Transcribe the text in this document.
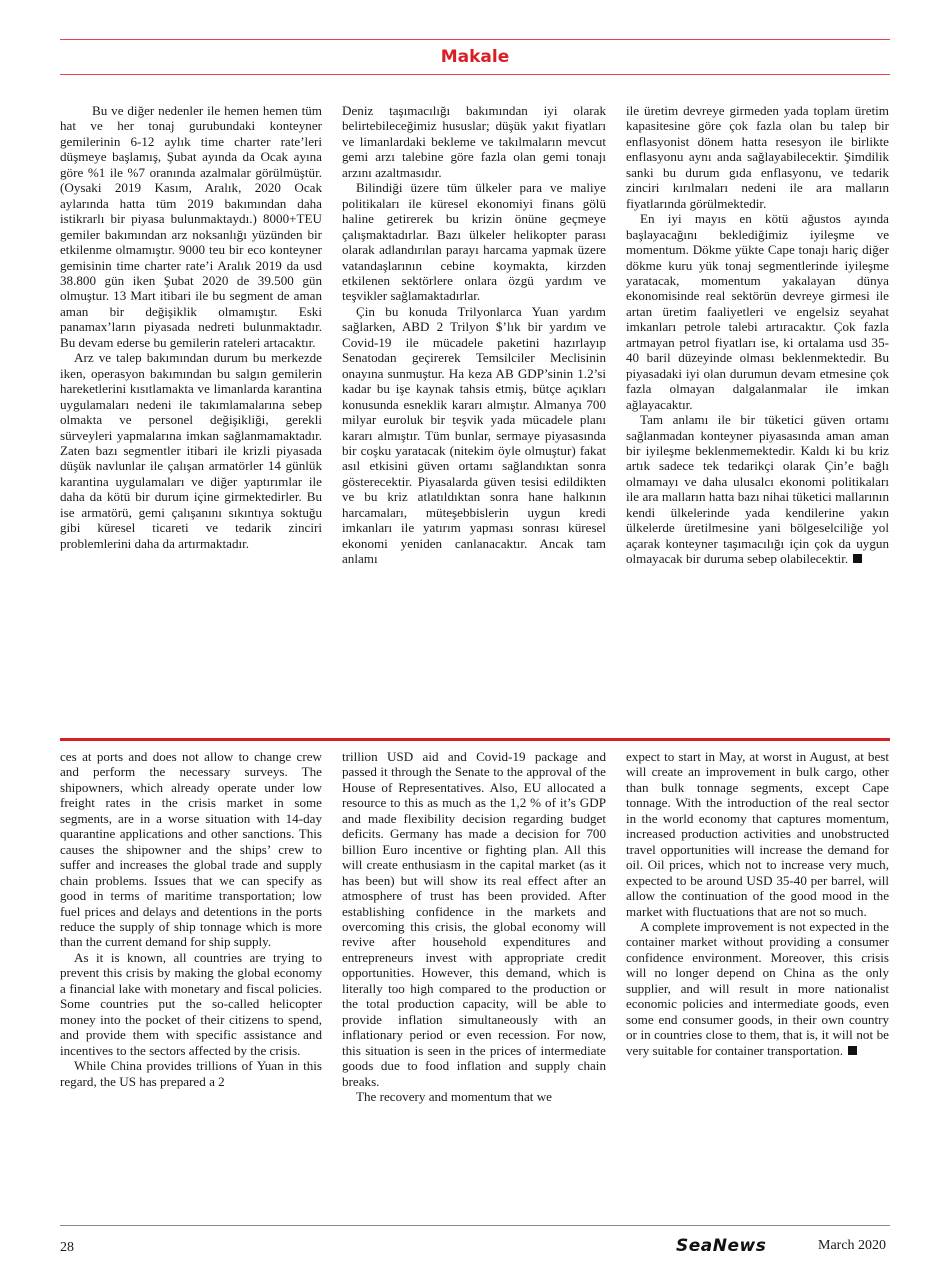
Makale

Bu ve diğer nedenler ile hemen hemen tüm hat ve her tonaj gurubundaki konteyner gemilerinin 6-12 aylık time charter rate’leri düşmeye başlamış, Şubat ayında da Ocak ayına göre %1 ile %7 oranında azalmalar görülmüştür. (Oysaki 2019 Kasım, Aralık, 2020 Ocak aylarında hatta tüm 2019 bakımından daha istikrarlı bir piyasa bulunmaktaydı.) 8000+TEU gemiler bakımından arz noksanlığı yüzünden bir etkilenme olmamıştır. 9000 teu bir eco konteyner gemisinin time charter rate’i Aralık 2019 da usd 38.800 gün iken Şubat 2020 de 39.500 gün olmuştur. 13 Mart itibari ile bu segment de aman aman bir değişiklik olmamıştır. Eski panamax’ların piyasada nedreti bulunmaktadır. Bu devam ederse bu gemilerin rateleri artacaktır.

Arz ve talep bakımından durum bu merkezde iken, operasyon bakımından bu salgın gemilerin hareketlerini kısıtlamakta ve limanlarda karantina uygulamaları nedeni ile takımlamalarına sebep olmakta ve personel değişikliği, gerekli sürveyleri yapmalarına imkan sağlanmamaktadır. Zaten bazı segmentler itibari ile krizli piyasada düşük navlunlar ile çalışan armatörler 14 günlük karantina uygulamaları ve diğer yaptırımlar ile daha da kötü bir durum içine girmektedirler. Bu ise armatörü, gemi çalışanını sıkıntıya soktuğu gibi küresel ticareti ve tedarik zinciri problemlerini daha da artırmaktadır.

Deniz taşımacılığı bakımından iyi olarak belirtebileceğimiz hususlar; düşük yakıt fiyatları ve limanlardaki bekleme ve takılmaların mevcut gemi arzı talebine göre fazla olan gemi tonajı arzını azaltmasıdır.

Bilindiği üzere tüm ülkeler para ve maliye politikaları ile küresel ekonomiyi finans gölü haline getirerek bu krizin önüne geçmeye çalışmaktadırlar. Bazı ülkeler helikopter parası olarak adlandırılan parayı harcama yapmak üzere vatandaşlarının cebine koymakta, kirzden etkilenen sektörlere onlara özgü yardım ve teşvikler sağlamaktadırlar.

Çin bu konuda Trilyonlarca Yuan yardım sağlarken, ABD 2 Trilyon $’lık bir yardım ve Covid-19 ile mücadele paketini hazırlayıp Senatodan geçirerek Temsilciler Meclisinin onayına sunmuştur. Ha keza AB GDP’sinin 1.2’si kadar bu işe kaynak tahsis etmiş, bütçe açıkları konusunda esneklik kararı almıştır. Almanya 700 milyar euroluk bir teşvik yada mücadele planı kararı almıştır. Tüm bunlar, sermaye piyasasında bir coşku yaratacak (nitekim öyle olmuştur) fakat asıl etkisini güven ortamı sağlandıktan sonra gösterecektir. Piyasalarda güven tesisi edildikten ve bu kriz atlatıldıktan sonra hane halkının harcamaları, müteşebbislerin uygun kredi imkanları ile yatırım yapması sonrası küresel ekonomi yeniden canlanacaktır. Ancak tam anlamı

ile üretim devreye girmeden yada toplam üretim kapasitesine göre çok fazla olan bu talep bir enflasyonist dönem hatta resesyon ile birlikte enflasyonu aynı anda sağlayabilecektir. Şimdilik sanki bu durum gıda enflasyonu, ve tedarik zinciri kırılmaları nedeni ile ara malların fiyatlarında görülmektedir.

En iyi mayıs en kötü ağustos ayında başlayacağını beklediğimiz iyileşme ve momentum. Dökme yükte Cape tonajı hariç diğer dökme kuru yük tonaj segmentlerinde iyileşme yaratacak, momentum yakalayan dünya ekonomisinde real sektörün devreye girmesi ile artan üretim faaliyetleri ve engelsiz seyahat imkanları petrole talebi artıracaktır. Çok fazla artmayan petrol fiyatları ise, ki ortalama usd 35-40 baril düzeyinde olması beklenmektedir. Bu piyasadaki iyi olan durumun devam etmesine çok fazla olmayan dalgalanmalar ile imkan ağlayacaktır.

Tam anlamı ile bir tüketici güven ortamı sağlanmadan konteyner piyasasında aman aman bir iyileşme beklenmemektedir. Kaldı ki bu kriz artık sadece tek tedarikçi olarak Çin’e bağlı olmamayı ve daha ulusalcı ekonomi politikaları ile ara malların hatta bazı nihai tüketici mallarının kendi ülkelerinde yada kendilerine yakın ülkelerde üretilmesine yani bölgeselciliğe yol açarak konteyner taşımacılığı için çok da uygun olmayacak bir duruma sebep olabilecektir.

ces at ports and does not allow to change crew and perform the necessary surveys. The shipowners, which already operate under low freight rates in the crisis market in some segments, are in a worse situation with 14-day quarantine applications and other sanctions. This causes the shipowner and the ships’ crew to suffer and increases the global trade and supply chain problems. Issues that we can specify as good in terms of maritime transportation; low fuel prices and delays and detentions in the ports reduce the supply of ship tonnage which is more than the current demand for ship supply.

As it is known, all countries are trying to prevent this crisis by making the global economy a financial lake with monetary and fiscal policies. Some countries put the so-called helicopter money into the pocket of their citizens to spend, and provide them with specific assistance and incentives to the sectors affected by the crisis.

While China provides trillions of Yuan in this regard, the US has prepared a 2

trillion USD aid and Covid-19 package and passed it through the Senate to the approval of the House of Representatives. Also, EU allocated a resource to this as much as the 1,2 % of it’s GDP and made flexibility decision regarding budget deficits. Germany has made a decision for 700 billion Euro incentive or fighting plan. All this will create enthusiasm in the capital market (as it has been) but will show its real effect after an atmosphere of trust has been provided. After establishing confidence in the markets and overcoming this crisis, the global economy will revive after household expenditures and entrepreneurs invest with appropriate credit opportunities. However, this demand, which is literally too high compared to the production or the total production capacity, will be able to provide inflation simultaneously with an inflationary period or even recession. For now, this situation is seen in the prices of intermediate goods due to food inflation and supply chain breaks.

The recovery and momentum that we

expect to start in May, at worst in August, at best will create an improvement in bulk cargo, other than bulk tonnage segments, except Cape tonnage. With the introduction of the real sector in the world economy that captures momentum, increased production activities and unobstructed travel opportunities will increase the demand for oil. Oil prices, which not to increase very much, expected to be around USD 35-40 per barrel, will allow the continuation of the good mood in the market with fluctuations that are not so much.

A complete improvement is not expected in the container market without providing a consumer confidence environment. Moreover, this crisis will no longer depend on China as the only supplier, and will result in more nationalist economic policies and intermediate goods, even some end consumer goods, in their own country or in countries close to them, that is, it will not be very suitable for container transportation.

28	SeaNews	March 2020
